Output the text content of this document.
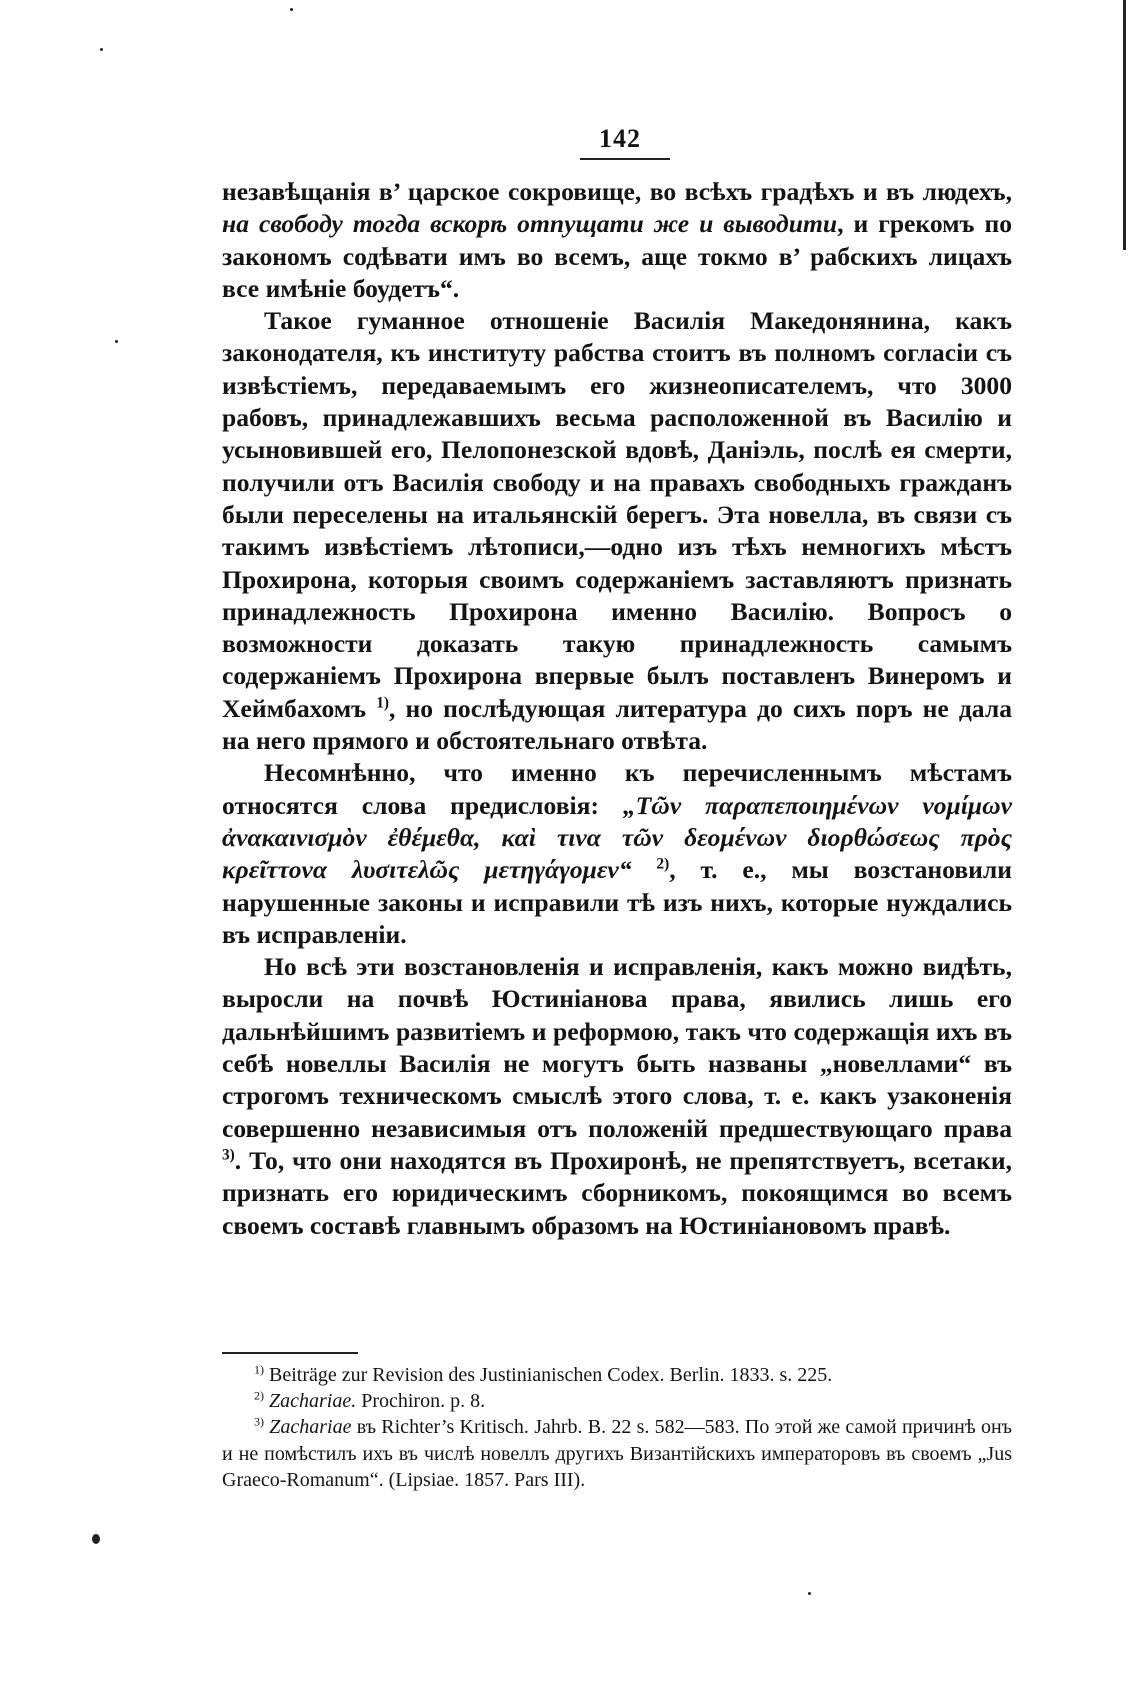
142

незавѣщанія в’ царское сокровище, во всѣхъ градѣхъ и въ людехъ, на свободу тогда вскорѣ отпущати же и выводити, и грекомъ по закономъ содѣвати имъ во всемъ, аще токмо в’ рабскихъ лицахъ все имѣніе боудетъ“.

Такое гуманное отношеніе Василія Македонянина, какъ законодателя, къ институту рабства стоитъ въ полномъ согласіи съ извѣстіемъ, передаваемымъ его жизнеописателемъ, что 3000 рабовъ, принадлежавшихъ весьма расположенной въ Василію и усыновившей его, Пелопонезской вдовѣ, Даніэль, послѣ ея смерти, получили отъ Василія свободу и на правахъ свободныхъ гражданъ были переселены на итальянскій берегъ. Эта новелла, въ связи съ такимъ извѣстіемъ лѣтописи,—одно изъ тѣхъ немногихъ мѣстъ Прохирона, которыя своимъ содержаніемъ заставляютъ признать принадлежность Прохирона именно Василію. Вопросъ о возможности доказать такую принадлежность самымъ содержаніемъ Прохирона впервые былъ поставленъ Винеромъ и Хеймбахомъ $^{1)}$, но послѣдующая литература до сихъ поръ не дала на него прямого и обстоятельнаго отвѣта.

Несомнѣнно, что именно къ перечисленнымъ мѣстамъ относятся слова предисловія: „Τῶν παραπεποιημένων νομίμων ἀνακαινισμὸν ἐθέμεθα, καὶ τινα τῶν δεομένων διορθώσεως πρὸς κρεῖττονα λυσιτελῶς μετηγάγομεν“ $^{2)}$, т. е., мы возстановили нарушенные законы и исправили тѣ изъ нихъ, которые нуждались въ исправленіи.

Но всѣ эти возстановленія и исправленія, какъ можно видѣть, выросли на почвѣ Юстиніанова права, явились лишь его дальнѣйшимъ развитіемъ и реформою, такъ что содержащія ихъ въ себѣ новеллы Василія не могутъ быть названы „новеллами“ въ строгомъ техническомъ смыслѣ этого слова, т. е. какъ узаконенія совершенно независимыя отъ положеній предшествующаго права $^{3)}$. То, что они находятся въ Прохиронѣ, не препятствуетъ, всетаки, признать его юридическимъ сборникомъ, покоящимся во всемъ своемъ составѣ главнымъ образомъ на Юстиніановомъ правѣ.

$^{1)}$ Beiträge zur Revision des Justinianischen Codex. Berlin. 1833. s. 225.

$^{2)}$ Zachariae. Prochiron. p. 8.

$^{3)}$ Zachariae въ Richter’s Kritisch. Jahrb. B. 22 s. 582—583. По этой же самой причинѣ онъ и не помѣстилъ ихъ въ числѣ новеллъ другихъ Византійскихъ императоровъ въ своемъ „Jus Graeco-Romanum“. (Lipsiae. 1857. Pars III).
